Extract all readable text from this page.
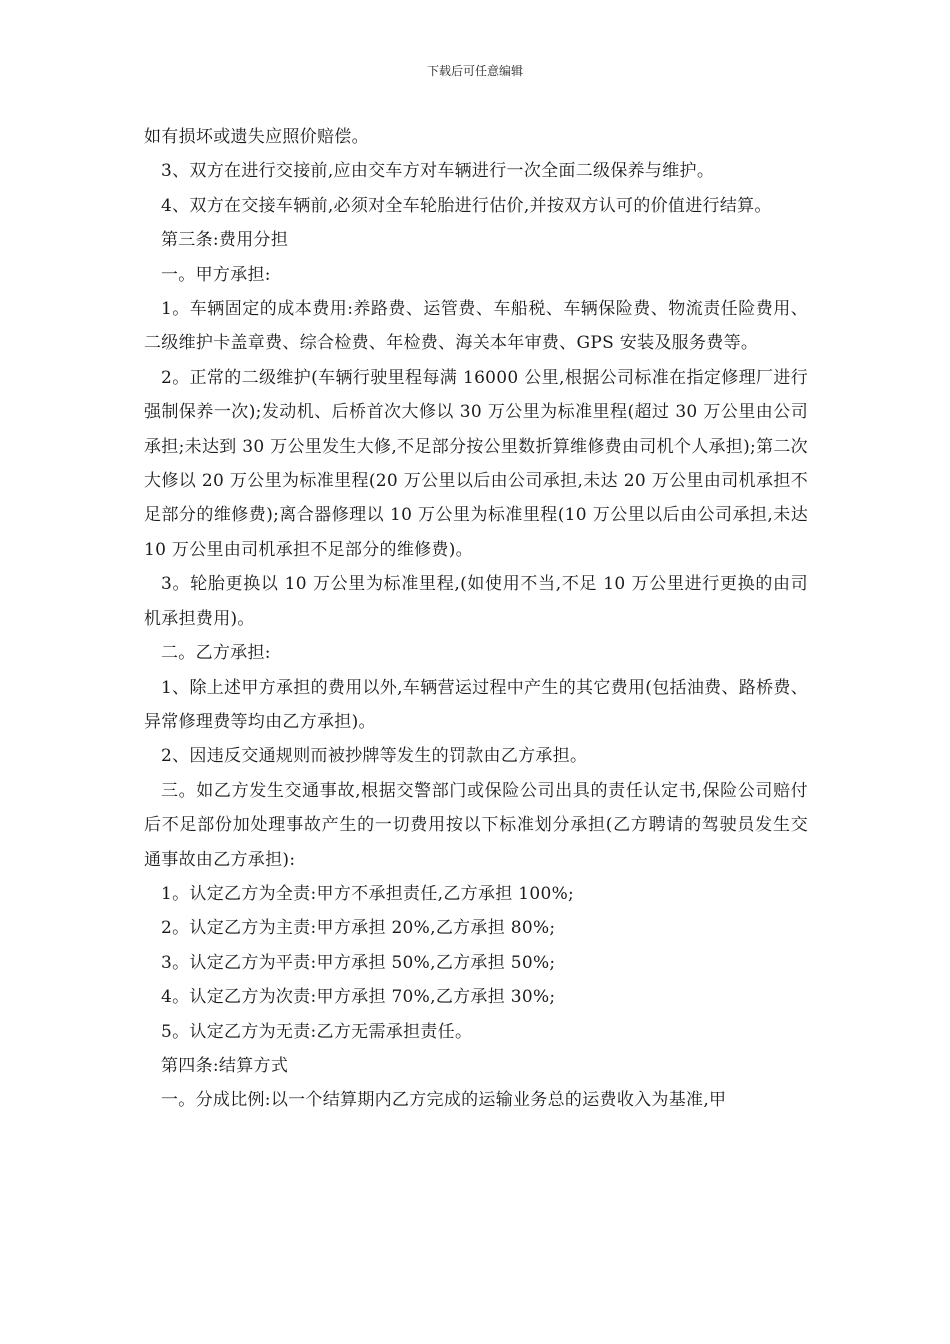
下载后可任意编辑

如有损坏或遗失应照价赔偿。

3、双方在进行交接前,应由交车方对车辆进行一次全面二级保养与维护。

4、双方在交接车辆前,必须对全车轮胎进行估价,并按双方认可的价值进行结算。

第三条:费用分担

一。甲方承担:

1。车辆固定的成本费用:养路费、运管费、车船税、车辆保险费、物流责任险费用、二级维护卡盖章费、综合检费、年检费、海关本年审费、GPS 安装及服务费等。

2。正常的二级维护(车辆行驶里程每满 16000 公里,根据公司标准在指定修理厂进行强制保养一次);发动机、后桥首次大修以 30 万公里为标准里程(超过 30 万公里由公司承担;未达到 30 万公里发生大修,不足部分按公里数折算维修费由司机个人承担);第二次大修以 20 万公里为标准里程(20 万公里以后由公司承担,未达 20 万公里由司机承担不足部分的维修费);离合器修理以 10 万公里为标准里程(10 万公里以后由公司承担,未达 10 万公里由司机承担不足部分的维修费)。

3。轮胎更换以 10 万公里为标准里程,(如使用不当,不足 10 万公里进行更换的由司机承担费用)。

二。乙方承担:

1、除上述甲方承担的费用以外,车辆营运过程中产生的其它费用(包括油费、路桥费、异常修理费等均由乙方承担)。

2、因违反交通规则而被抄牌等发生的罚款由乙方承担。

三。如乙方发生交通事故,根据交警部门或保险公司出具的责任认定书,保险公司赔付后不足部份加处理事故产生的一切费用按以下标准划分承担(乙方聘请的驾驶员发生交通事故由乙方承担):

1。认定乙方为全责:甲方不承担责任,乙方承担 100%;

2。认定乙方为主责:甲方承担 20%,乙方承担 80%;

3。认定乙方为平责:甲方承担 50%,乙方承担 50%;

4。认定乙方为次责:甲方承担 70%,乙方承担 30%;

5。认定乙方为无责:乙方无需承担责任。

第四条:结算方式

一。分成比例:以一个结算期内乙方完成的运输业务总的运费收入为基准,甲
